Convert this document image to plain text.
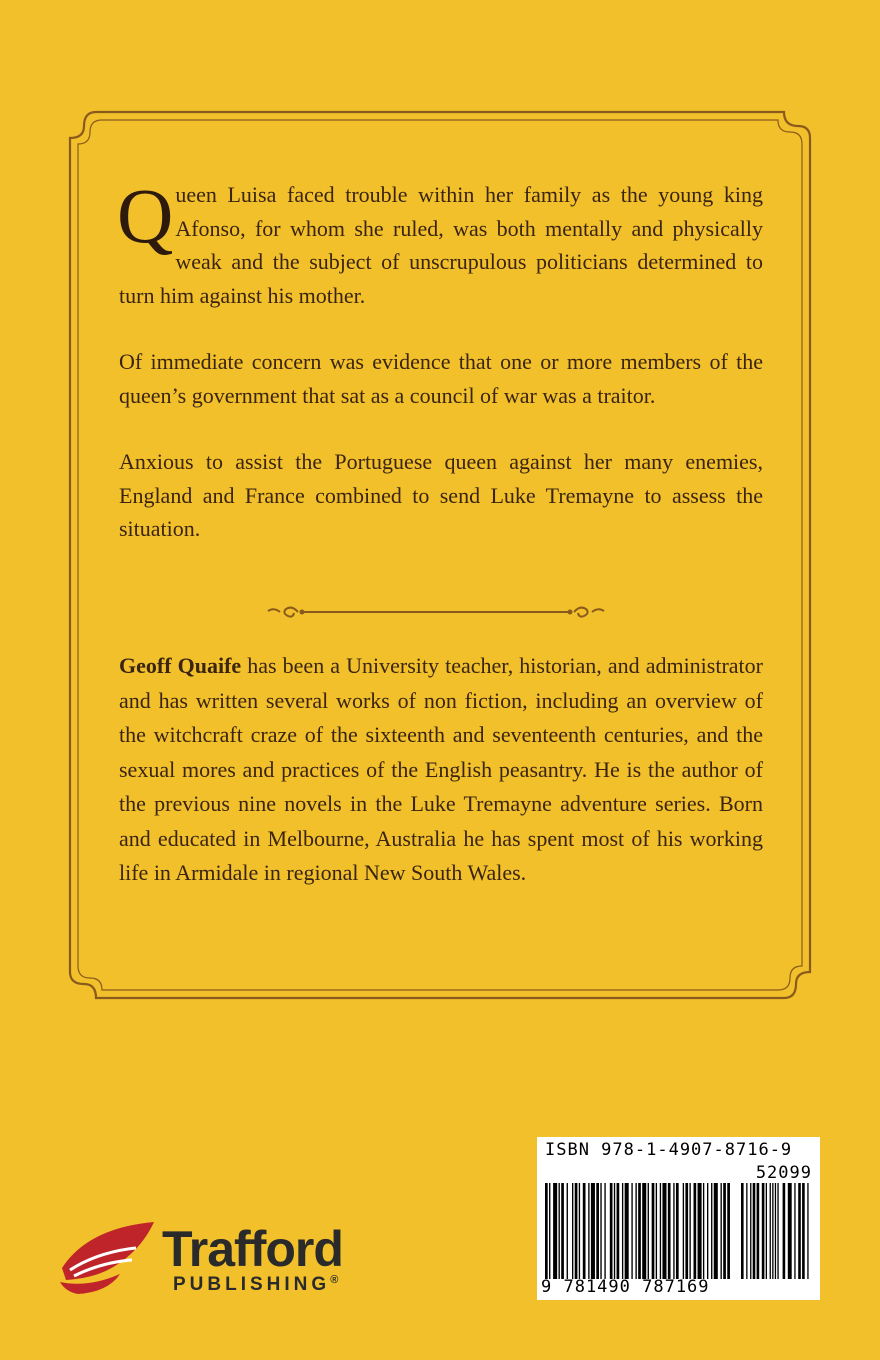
Queen Luisa faced trouble within her family as the young king Afonso, for whom she ruled, was both mentally and physically weak and the subject of unscrupulous politicians determined to turn him against his mother.

Of immediate concern was evidence that one or more members of the queen’s government that sat as a council of war was a traitor.

Anxious to assist the Portuguese queen against her many enemies, England and France combined to send Luke Tremayne to assess the situation.

Geoff Quaife has been a University teacher, historian, and administrator and has written several works of non fiction, including an overview of the witchcraft craze of the sixteenth and seventeenth centuries, and the sexual mores and practices of the English peasantry. He is the author of the previous nine novels in the Luke Tremayne adventure series. Born and educated in Melbourne, Australia he has spent most of his working life in Armidale in regional New South Wales.
ISBN 978-1-4907-8716-9
52099
9 781490 787169
Trafford
PUBLISHING®
